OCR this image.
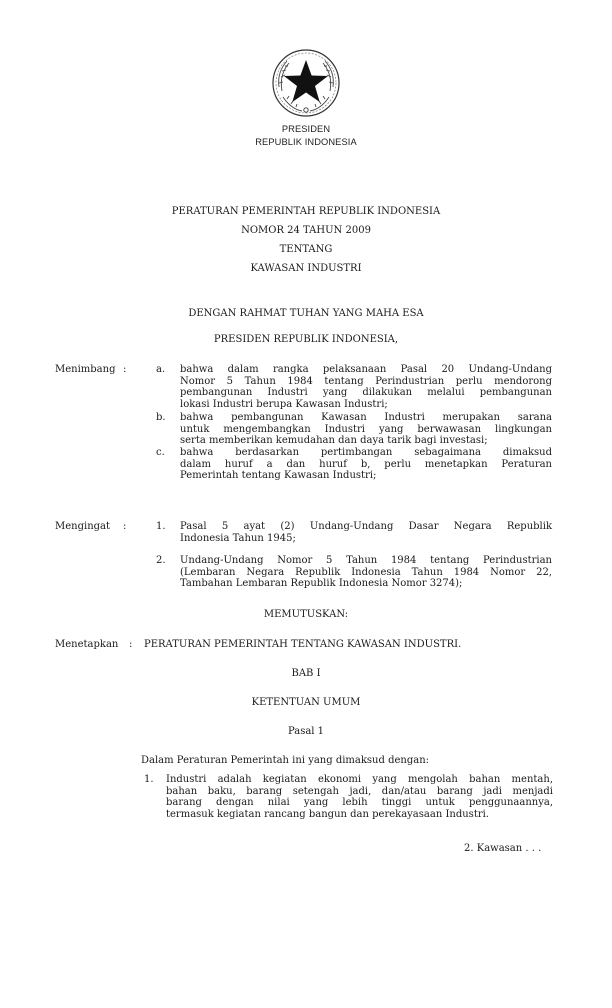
PRESIDEN
REPUBLIK INDONESIA
PERATURAN PEMERINTAH REPUBLIK INDONESIA
NOMOR 24 TAHUN 2009
TENTANG
KAWASAN INDUSTRI
DENGAN RAHMAT TUHAN YANG MAHA ESA
PRESIDEN REPUBLIK INDONESIA,
Menimbang :	a. bahwa dalam rangka pelaksanaan Pasal 20 Undang-Undang
Nomor 5 Tahun 1984 tentang Perindustrian perlu mendorong
pembangunan Industri yang dilakukan melalui pembangunan
lokasi Industri berupa Kawasan Industri;
b. bahwa pembangunan Kawasan Industri merupakan sarana
untuk mengembangkan Industri yang berwawasan lingkungan
serta memberikan kemudahan dan daya tarik bagi investasi;
c. bahwa berdasarkan pertimbangan sebagaimana dimaksud
dalam huruf a dan huruf b, perlu menetapkan Peraturan
Pemerintah tentang Kawasan Industri;
Mengingat :	1. Pasal 5 ayat (2) Undang-Undang Dasar Negara Republik
Indonesia Tahun 1945;
2. Undang-Undang Nomor 5 Tahun 1984 tentang Perindustrian
(Lembaran Negara Republik Indonesia Tahun 1984 Nomor 22,
Tambahan Lembaran Republik Indonesia Nomor 3274);
MEMUTUSKAN:
Menetapkan : PERATURAN PEMERINTAH TENTANG KAWASAN INDUSTRI.
BAB I
KETENTUAN UMUM
Pasal 1
Dalam Peraturan Pemerintah ini yang dimaksud dengan:
1. Industri adalah kegiatan ekonomi yang mengolah bahan mentah,
bahan baku, barang setengah jadi, dan/atau barang jadi menjadi
barang dengan nilai yang lebih tinggi untuk penggunaannya,
termasuk kegiatan rancang bangun dan perekayasaan Industri.
2. Kawasan . . .
